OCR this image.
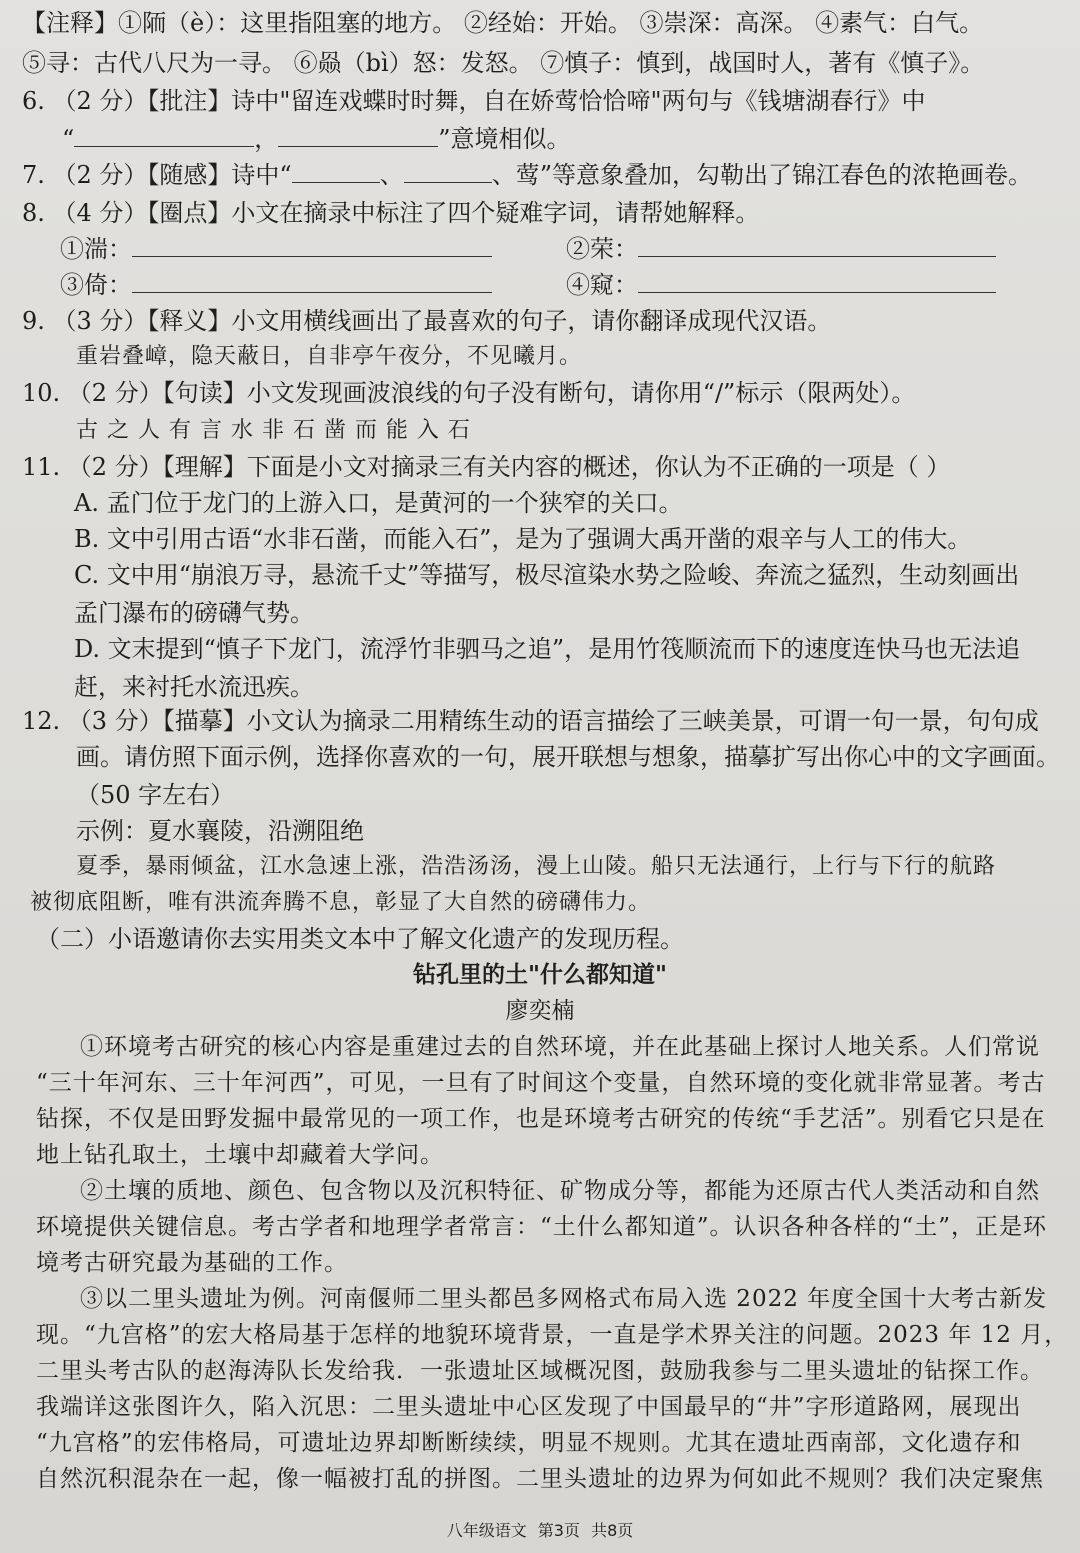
【注释】①陑（è）：这里指阻塞的地方。 ②经始：开始。 ③崇深：高深。 ④素气：白气。
⑤寻：古代八尺为一寻。 ⑥赑（bì）怒：发怒。 ⑦慎子：慎到，战国时人，著有《慎子》。
6. （2 分）【批注】诗中"留连戏蝶时时舞，自在娇莺恰恰啼"两句与《钱塘湖春行》中
“	，	”意境相似。
7. （2 分）【随感】诗中“	、	、莺”等意象叠加，勾勒出了锦江春色的浓艳画卷。
8. （4 分）【圈点】小文在摘录中标注了四个疑难字词，请帮她解释。
①湍：	②荣：
③倚：	④窥：
9. （3 分）【释义】小文用横线画出了最喜欢的句子，请你翻译成现代汉语。
重岩叠嶂，隐天蔽日，自非亭午夜分，不见曦月。
10. （2 分）【句读】小文发现画波浪线的句子没有断句，请你用“/”标示（限两处）。
古 之 人 有 言 水 非 石 凿 而 能 入 石
11. （2 分）【理解】下面是小文对摘录三有关内容的概述，你认为不正确的一项是（ ）
A. 孟门位于龙门的上游入口，是黄河的一个狭窄的关口。
B. 文中引用古语“水非石凿，而能入石”，是为了强调大禹开凿的艰辛与人工的伟大。
C. 文中用“崩浪万寻，悬流千丈”等描写，极尽渲染水势之险峻、奔流之猛烈，生动刻画出
孟门瀑布的磅礴气势。
D. 文末提到“慎子下龙门，流浮竹非驷马之追”，是用竹筏顺流而下的速度连快马也无法追
赶，来衬托水流迅疾。
12. （3 分）【描摹】小文认为摘录二用精练生动的语言描绘了三峡美景，可谓一句一景，句句成
画。请仿照下面示例，选择你喜欢的一句，展开联想与想象，描摹扩写出你心中的文字画面。
（50 字左右）
示例：夏水襄陵，沿溯阻绝
夏季，暴雨倾盆，江水急速上涨，浩浩汤汤，漫上山陵。船只无法通行，上行与下行的航路
被彻底阻断，唯有洪流奔腾不息，彰显了大自然的磅礴伟力。
（二）小语邀请你去实用类文本中了解文化遗产的发现历程。
钻孔里的土"什么都知道"
廖奕楠
①环境考古研究的核心内容是重建过去的自然环境，并在此基础上探讨人地关系。人们常说
“三十年河东、三十年河西”，可见，一旦有了时间这个变量，自然环境的变化就非常显著。考古
钻探，不仅是田野发掘中最常见的一项工作，也是环境考古研究的传统“手艺活”。别看它只是在
地上钻孔取土，土壤中却藏着大学问。
②土壤的质地、颜色、包含物以及沉积特征、矿物成分等，都能为还原古代人类活动和自然
环境提供关键信息。考古学者和地理学者常言：“土什么都知道”。认识各种各样的“土”，正是环
境考古研究最为基础的工作。
③以二里头遗址为例。河南偃师二里头都邑多网格式布局入选 2022 年度全国十大考古新发
现。“九宫格”的宏大格局基于怎样的地貌环境背景，一直是学术界关注的问题。2023 年 12 月，
二里头考古队的赵海涛队长发给我．一张遗址区域概况图，鼓励我参与二里头遗址的钻探工作。
我端详这张图许久，陷入沉思：二里头遗址中心区发现了中国最早的“井”字形道路网，展现出
“九宫格”的宏伟格局，可遗址边界却断断续续，明显不规则。尤其在遗址西南部，文化遗存和
自然沉积混杂在一起，像一幅被打乱的拼图。二里头遗址的边界为何如此不规则？我们决定聚焦
八年级语文 第3页 共8页
